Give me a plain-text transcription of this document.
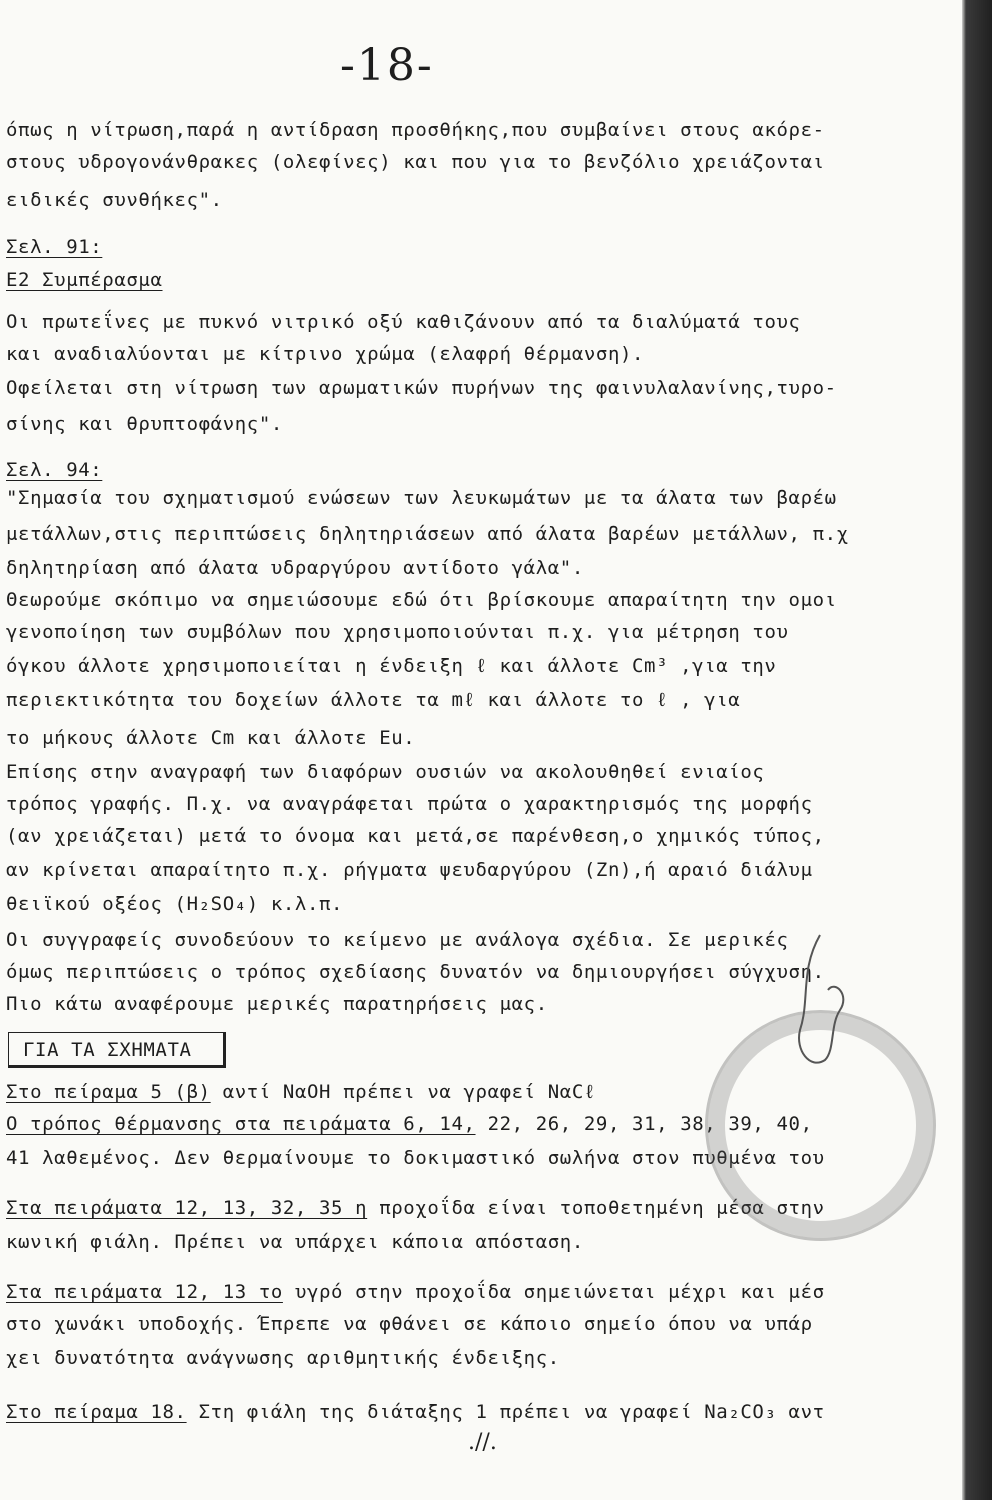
-18-
όπως η νίτρωση,παρά η αντίδραση προσθήκης,που συμβαίνει στους ακόρε-
στους υδρογονάνθρακες (ολεφίνες) και που για το βενζόλιο χρειάζονται
ειδικές συνθήκες".
Σελ. 91:
Ε2 Συμπέρασμα
Οι πρωτεΐνες με πυκνό νιτρικό οξύ καθιζάνουν από τα διαλύματά τους
και αναδιαλύονται με κίτρινο χρώμα (ελαφρή θέρμανση).
Οφείλεται στη νίτρωση των αρωματικών πυρήνων της φαινυλαλανίνης,τυρο-
σίνης και θρυπτοφάνης".
Σελ. 94:
"Σημασία του σχηματισμού ενώσεων των λευκωμάτων με τα άλατα των βαρέω
μετάλλων,στις περιπτώσεις δηλητηριάσεων από άλατα βαρέων μετάλλων, π.χ
δηλητηρίαση από άλατα υδραργύρου αντίδοτο γάλα".
Θεωρούμε σκόπιμο να σημειώσουμε εδώ ότι βρίσκουμε απαραίτητη την ομοι
γενοποίηση των συμβόλων που χρησιμοποιούνται π.χ. για μέτρηση του
όγκου άλλοτε χρησιμοποιείται η ένδειξη ℓ και άλλοτε Cm³ ,για την
περιεκτικότητα του δοχείων άλλοτε τα mℓ και άλλοτε το ℓ , για
το μήκους άλλοτε Cm και άλλοτε Εu.
Επίσης στην αναγραφή των διαφόρων ουσιών να ακολουθηθεί ενιαίος
τρόπος γραφής. Π.χ. να αναγράφεται πρώτα ο χαρακτηρισμός της μορφής
(αν χρειάζεται) μετά το όνομα και μετά,σε παρένθεση,ο χημικός τύπος,
αν κρίνεται απαραίτητο π.χ. ρήγματα ψευδαργύρου (Zn),ή αραιό διάλυμ
θειϊκού οξέος (H₂SO₄) κ.λ.π.
Οι συγγραφείς συνοδεύουν το κείμενο με ανάλογα σχέδια. Σε μερικές
όμως περιπτώσεις ο τρόπος σχεδίασης δυνατόν να δημιουργήσει σύγχυση.
Πιο κάτω αναφέρουμε μερικές παρατηρήσεις μας.
Στο πείραμα 5 (β) αντί ΝαΟΗ πρέπει να γραφεί ΝαCℓ
Ο τρόπος θέρμανσης στα πειράματα 6, 14, 22, 26, 29, 31, 38, 39, 40,
41 λαθεμένος. Δεν θερμαίνουμε το δοκιμαστικό σωλήνα στον πυθμένα του
Στα πειράματα 12, 13, 32, 35 η προχοΐδα είναι τοποθετημένη μέσα στην
κωνική φιάλη. Πρέπει να υπάρχει κάποια απόσταση.
Στα πειράματα 12, 13 το υγρό στην προχοΐδα σημειώνεται μέχρι και μέσ
στο χωνάκι υποδοχής. Έπρεπε να φθάνει σε κάποιο σημείο όπου να υπάρ
χει δυνατότητα ανάγνωσης αριθμητικής ένδειξης.
Στο πείραμα 18. Στη φιάλη της διάταξης 1 πρέπει να γραφεί Na₂CO₃ αντ
ΓΙΑ ΤΑ ΣΧΗΜΑΤΑ
.//.
